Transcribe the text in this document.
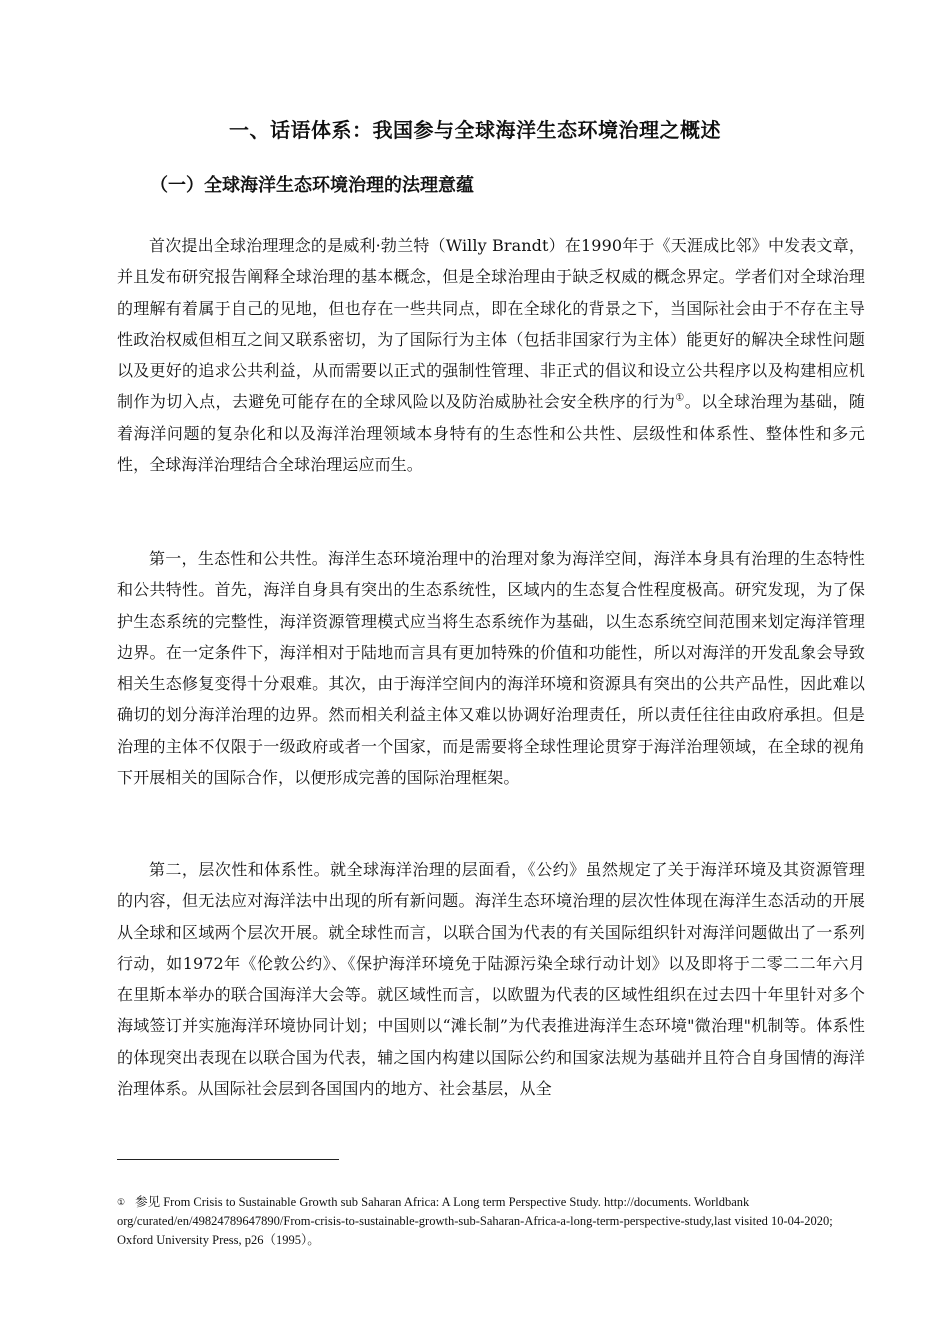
一、话语体系：我国参与全球海洋生态环境治理之概述
（一）全球海洋生态环境治理的法理意蕴

首次提出全球治理理念的是威利·勃兰特（Willy Brandt）在1990年于《天涯成比邻》中发表文章，并且发布研究报告阐释全球治理的基本概念，但是全球治理由于缺乏权威的概念界定。学者们对全球治理的理解有着属于自己的见地，但也存在一些共同点，即在全球化的背景之下，当国际社会由于不存在主导性政治权威但相互之间又联系密切，为了国际行为主体（包括非国家行为主体）能更好的解决全球性问题以及更好的追求公共利益，从而需要以正式的强制性管理、非正式的倡议和设立公共程序以及构建相应机制作为切入点，去避免可能存在的全球风险以及防治威胁社会安全秩序的行为①。以全球治理为基础，随着海洋问题的复杂化和以及海洋治理领域本身特有的生态性和公共性、层级性和体系性、整体性和多元性，全球海洋治理结合全球治理运应而生。

第一，生态性和公共性。海洋生态环境治理中的治理对象为海洋空间，海洋本身具有治理的生态特性和公共特性。首先，海洋自身具有突出的生态系统性，区域内的生态复合性程度极高。研究发现，为了保护生态系统的完整性，海洋资源管理模式应当将生态系统作为基础，以生态系统空间范围来划定海洋管理边界。在一定条件下，海洋相对于陆地而言具有更加特殊的价值和功能性，所以对海洋的开发乱象会导致相关生态修复变得十分艰难。其次，由于海洋空间内的海洋环境和资源具有突出的公共产品性，因此难以确切的划分海洋治理的边界。然而相关利益主体又难以协调好治理责任，所以责任往往由政府承担。但是治理的主体不仅限于一级政府或者一个国家，而是需要将全球性理论贯穿于海洋治理领域，在全球的视角下开展相关的国际合作，以便形成完善的国际治理框架。

第二，层次性和体系性。就全球海洋治理的层面看，《公约》虽然规定了关于海洋环境及其资源管理的内容，但无法应对海洋法中出现的所有新问题。海洋生态环境治理的层次性体现在海洋生态活动的开展从全球和区域两个层次开展。就全球性而言，以联合国为代表的有关国际组织针对海洋问题做出了一系列行动，如1972年《伦敦公约》、《保护海洋环境免于陆源污染全球行动计划》以及即将于二零二二年六月在里斯本举办的联合国海洋大会等。就区域性而言，以欧盟为代表的区域性组织在过去四十年里针对多个海域签订并实施海洋环境协同计划；中国则以“滩长制”为代表推进海洋生态环境"微治理"机制等。体系性的体现突出表现在以联合国为代表，辅之国内构建以国际公约和国家法规为基础并且符合自身国情的海洋治理体系。从国际社会层到各国国内的地方、社会基层，从全

① 参见 From Crisis to Sustainable Growth sub Saharan Africa: A Long term Perspective Study. http://documents. Worldbank org/curated/en/49824789647890/From-crisis-to-sustainable-growth-sub-Saharan-Africa-a-long-term-perspective-study,last visited 10-04-2020; Oxford University Press, p26（1995）。
